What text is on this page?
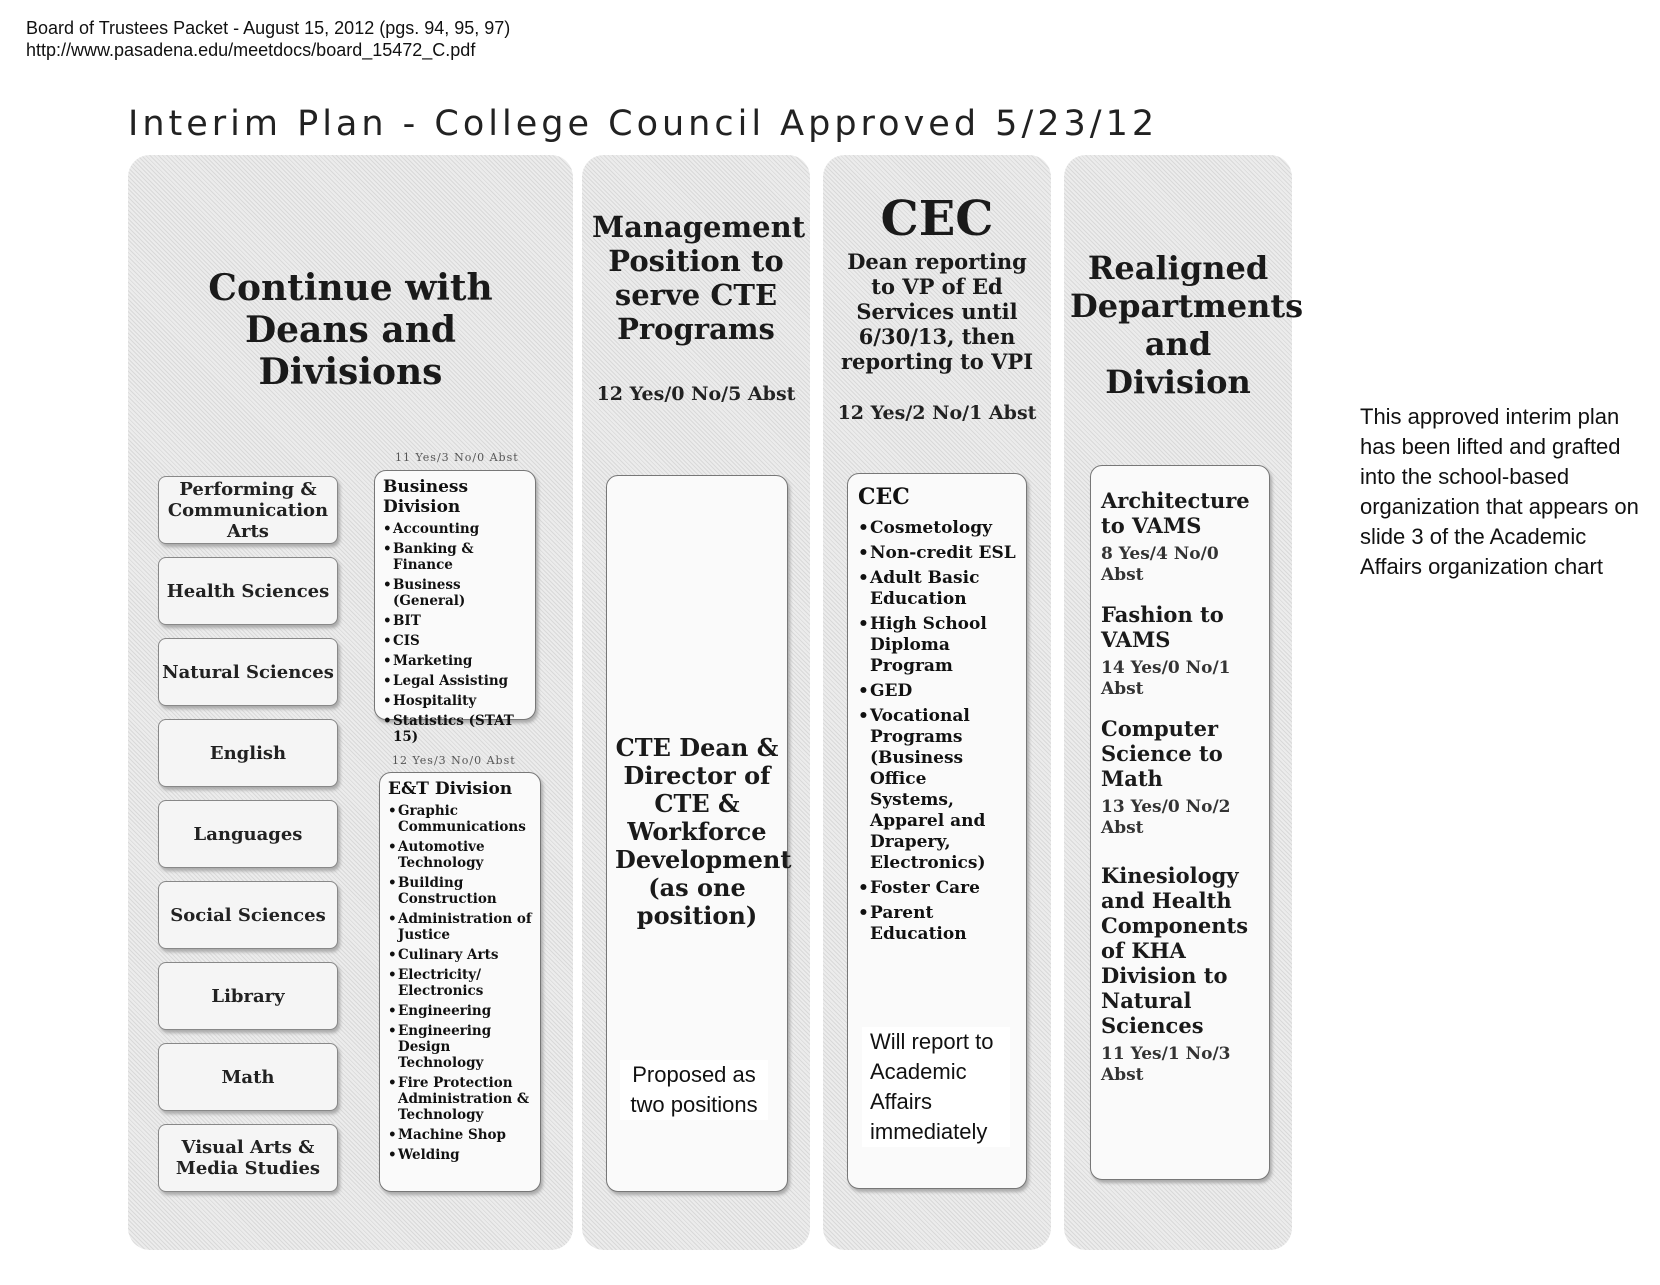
Board of Trustees Packet - August 15, 2012 (pgs. 94, 95, 97)
http://www.pasadena.edu/meetdocs/board_15472_C.pdf
Interim Plan - College Council Approved 5/23/12
Continue with Deans and Divisions
Performing & Communication Arts
Health Sciences
Natural Sciences
English
Languages
Social Sciences
Library
Math
Visual Arts & Media Studies
11 Yes/3 No/0 Abst
Business Division
• Accounting
• Banking & Finance
• Business (General)
• BIT
• CIS
• Marketing
• Legal Assisting
• Hospitality
• Statistics (STAT 15)
12 Yes/3 No/0 Abst
E&T Division
• Graphic Communications
• Automotive Technology
• Building Construction
• Administration of Justice
• Culinary Arts
• Electricity/ Electronics
• Engineering
• Engineering Design Technology
• Fire Protection Administration & Technology
• Machine Shop
• Welding
Management Position to serve CTE Programs
12 Yes/0 No/5 Abst
CTE Dean & Director of CTE & Workforce Development (as one position)
Proposed as two positions
CEC
Dean reporting to VP of Ed Services until 6/30/13, then reporting to VPI
12 Yes/2 No/1 Abst
CEC
• Cosmetology
• Non-credit ESL
• Adult Basic Education
• High School Diploma Program
• GED
• Vocational Programs (Business Office Systems, Apparel and Drapery, Electronics)
• Foster Care
• Parent Education
Will report to Academic Affairs immediately
Realigned Departments and Division
Architecture to VAMS
8 Yes/4 No/0 Abst
Fashion to VAMS
14 Yes/0 No/1 Abst
Computer Science to Math
13 Yes/0 No/2 Abst
Kinesiology and Health Components of KHA Division to Natural Sciences
11 Yes/1 No/3 Abst
This approved interim plan has been lifted and grafted into the school-based organization that appears on slide 3 of the Academic Affairs organization chart
